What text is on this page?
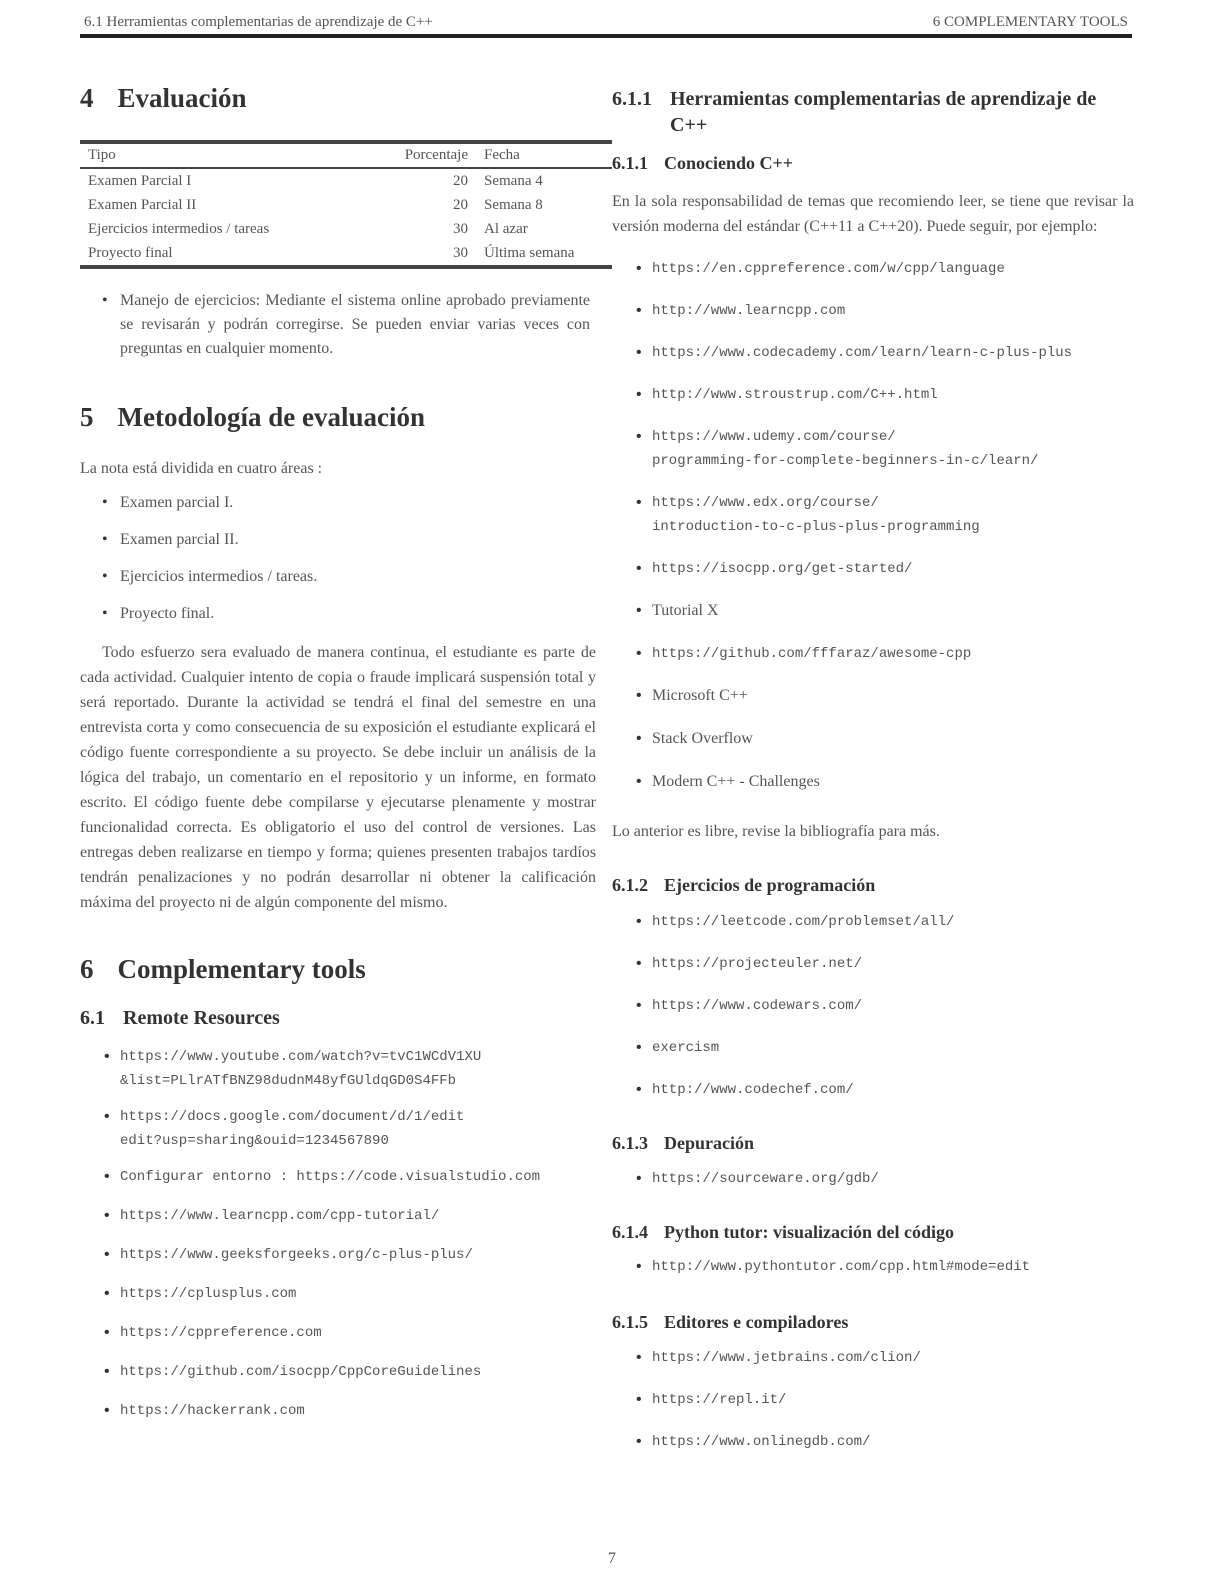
6.1 Herramientas complementarias de aprendizaje de C++	6 COMPLEMENTARY TOOLS
4 Evaluación

Tipo	Porcentaje	Fecha

Examen Parcial I	20	Semana 4
Examen Parcial II	20	Semana 8
Ejercicios intermedios / tareas	30	Al azar
Proyecto final	30	Última semana

• Manejo de ejercicios: Mediante el sistema online aprobado previamente se revisarán y podrán corregirse. Se pueden enviar varias veces con preguntas en cualquier momento.
5 Metodología de evaluación

La nota está dividida en cuatro áreas :

• Examen parcial I.
• Examen parcial II.
• Ejercicios intermedios / tareas.
• Proyecto final.

Todo esfuerzo sera evaluado de manera continua, el estudiante es parte de cada actividad. Cualquier intento de copia o fraude implicará suspensión total y será reportado. Durante la actividad se tendrá el final del semestre en una entrevista corta y como consecuencia de su exposición el estudiante explicará el código fuente correspondiente a su proyecto. Se debe incluir un análisis de la lógica del trabajo, un comentario en el repositorio y un informe, en formato escrito. El código fuente debe compilarse y ejecutarse plenamente y mostrar funcionalidad correcta. Es obligatorio el uso del control de versiones. Las entregas deben realizarse en tiempo y forma; quienes presenten trabajos tardíos tendrán penalizaciones y no podrán desarrollar ni obtener la calificación máxima del proyecto ni de algún componente del mismo.

6 Complementary tools
6.1 Remote Resources
• https://www.youtube.com/watch?v=tvC1WCdV1XU
&list=PLlrATfBNZ98dudnM48yfGUldqGD0S4FFb
• https://docs.google.com/document/d/1/edit
edit?usp=sharing&ouid=1234567890
• Configurar entorno : https://code.visualstudio.com
• https://www.learncpp.com/cpp-tutorial/
• https://www.geeksforgeeks.org/c-plus-plus/
• https://cplusplus.com
• https://cppreference.com
• https://github.com/isocpp/CppCoreGuidelines
• https://hackerrank.com
6.1.1 Herramientas complementarias de aprendizaje de C++
6.1.1 Conociendo C++

En la sola responsabilidad de temas que recomiendo leer, se tiene que revisar la versión moderna del estándar (C++11 a C++20). Puede seguir, por ejemplo:

• https://en.cppreference.com/w/cpp/language
• http://www.learncpp.com
• https://www.codecademy.com/learn/learn-c-plus-plus
• http://www.stroustrup.com/C++.html
• https://www.udemy.com/course/
programming-for-complete-beginners-in-c/learn/
• https://www.edx.org/course/
introduction-to-c-plus-plus-programming
• https://isocpp.org/get-started/
• Tutorial X
• https://github.com/fffaraz/awesome-cpp
• Microsoft C++
• Stack Overflow
• Modern C++ - Challenges

Lo anterior es libre, revise la bibliografía para más.

6.1.2 Ejercicios de programación
• https://leetcode.com/problemset/all/
• https://projecteuler.net/
• https://www.codewars.com/
• exercism
• http://www.codechef.com/
6.1.3 Depuración
• https://sourceware.org/gdb/
6.1.4 Python tutor: visualización del código
• http://www.pythontutor.com/cpp.html#mode=edit
6.1.5 Editores e compiladores
• https://www.jetbrains.com/clion/
• https://repl.it/
• https://www.onlinegdb.com/
7
